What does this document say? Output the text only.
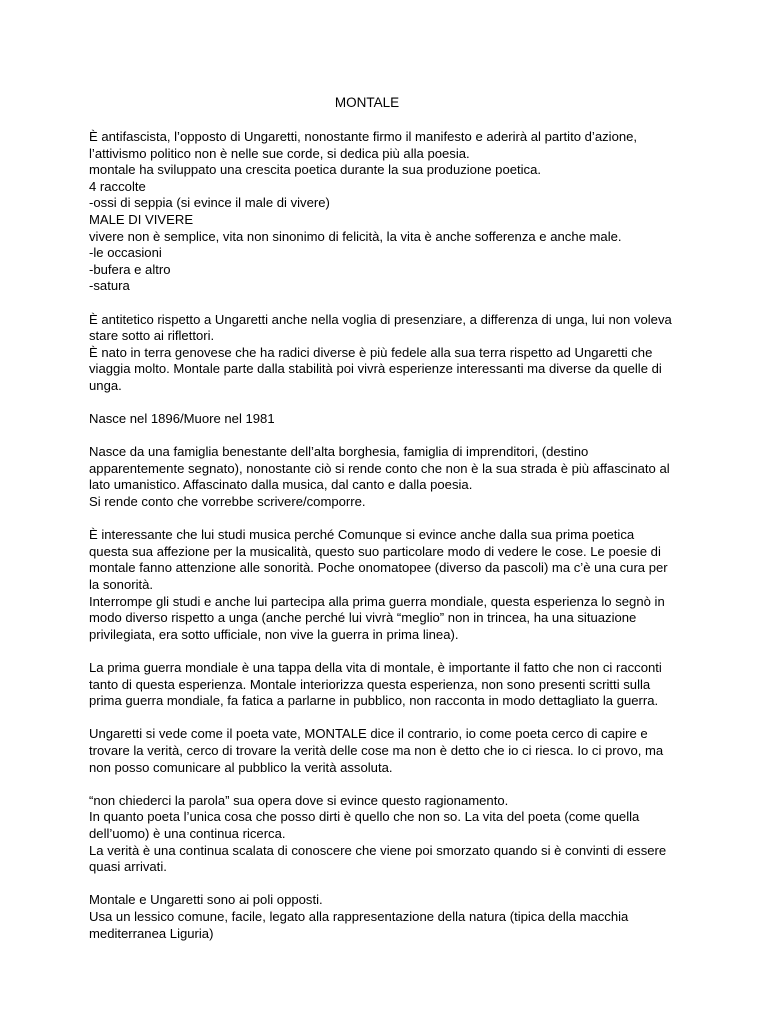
MONTALE
È antifascista, l’opposto di Ungaretti, nonostante firmo il manifesto e aderirà al partito d’azione,
l’attivismo politico non è nelle sue corde, si dedica più alla poesia.
montale ha sviluppato una crescita poetica durante la sua produzione poetica.
4 raccolte
-ossi di seppia (si evince il male di vivere)
MALE DI VIVERE
vivere non è semplice, vita non sinonimo di felicità, la vita è anche sofferenza e anche male.
-le occasioni
-bufera e altro
-satura
È antitetico rispetto a Ungaretti anche nella voglia di presenziare, a differenza di unga, lui non voleva
stare sotto ai riflettori.
È nato in terra genovese che ha radici diverse è più fedele alla sua terra rispetto ad Ungaretti che
viaggia molto. Montale parte dalla stabilità poi vivrà esperienze interessanti ma diverse da quelle di
unga.
Nasce nel 1896/Muore nel 1981
Nasce da una famiglia benestante dell’alta borghesia, famiglia di imprenditori, (destino
apparentemente segnato), nonostante ciò si rende conto che non è la sua strada è più affascinato al
lato umanistico. Affascinato dalla musica, dal canto e dalla poesia.
Si rende conto che vorrebbe scrivere/comporre.
È interessante che lui studi musica perché Comunque si evince anche dalla sua prima poetica
questa sua affezione per la musicalità, questo suo particolare modo di vedere le cose. Le poesie di
montale fanno attenzione alle sonorità. Poche onomatopee (diverso da pascoli) ma c’è una cura per
la sonorità.
Interrompe gli studi e anche lui partecipa alla prima guerra mondiale, questa esperienza lo segnò in
modo diverso rispetto a unga (anche perché lui vivrà “meglio” non in trincea, ha una situazione
privilegiata, era sotto ufficiale, non vive la guerra in prima linea).
La prima guerra mondiale è una tappa della vita di montale, è importante il fatto che non ci racconti
tanto di questa esperienza. Montale interiorizza questa esperienza, non sono presenti scritti sulla
prima guerra mondiale, fa fatica a parlarne in pubblico, non racconta in modo dettagliato la guerra.
Ungaretti si vede come il poeta vate, MONTALE dice il contrario, io come poeta cerco di capire e
trovare la verità, cerco di trovare la verità delle cose ma non è detto che io ci riesca. Io ci provo, ma
non posso comunicare al pubblico la verità assoluta.
“non chiederci la parola” sua opera dove si evince questo ragionamento.
In quanto poeta l’unica cosa che posso dirti è quello che non so. La vita del poeta (come quella
dell’uomo) è una continua ricerca.
La verità è una continua scalata di conoscere che viene poi smorzato quando si è convinti di essere
quasi arrivati.
Montale e Ungaretti sono ai poli opposti.
Usa un lessico comune, facile, legato alla rappresentazione della natura (tipica della macchia
mediterranea Liguria)
